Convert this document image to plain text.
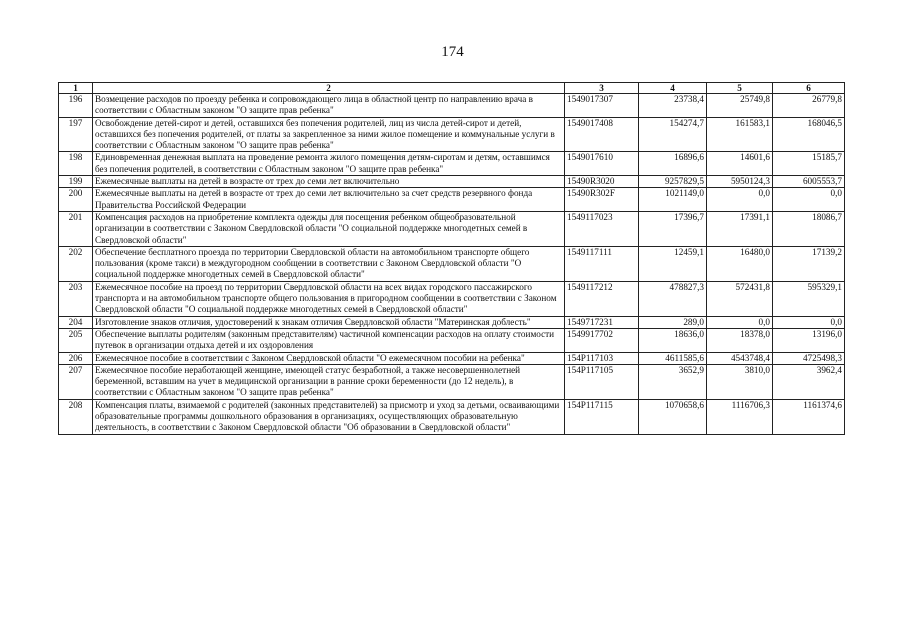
174
1	2	3	4	5	6
196	Возмещение расходов по проезду ребенка и сопровождающего лица в областной центр по направлению врача в соответствии с Областным законом "О защите прав ребенка"	1549017307	23738,4	25749,8	26779,8
197	Освобождение детей-сирот и детей, оставшихся без попечения родителей, лиц из числа детей-сирот и детей, оставшихся без попечения родителей, от платы за закрепленное за ними жилое помещение и коммунальные услуги в соответствии с Областным законом "О защите прав ребенка"	1549017408	154274,7	161583,1	168046,5
198	Единовременная денежная выплата на проведение ремонта жилого помещения детям-сиротам и детям, оставшимся без попечения родителей, в соответствии с Областным законом "О защите прав ребенка"	1549017610	16896,6	14601,6	15185,7
199	Ежемесячные выплаты на детей в возрасте от трех до семи лет включительно	15490R3020	9257829,5	5950124,3	6005553,7
200	Ежемесячные выплаты на детей в возрасте от трех до семи лет включительно за счет средств резервного фонда Правительства Российской Федерации	15490R302F	1021149,0	0,0	0,0
201	Компенсация расходов на приобретение комплекта одежды для посещения ребенком общеобразовательной организации в соответствии с Законом Свердловской области "О социальной поддержке многодетных семей в Свердловской области"	1549117023	17396,7	17391,1	18086,7
202	Обеспечение бесплатного проезда по территории Свердловской области на автомобильном транспорте общего пользования (кроме такси) в междугородном сообщении в соответствии с Законом Свердловской области "О социальной поддержке многодетных семей в Свердловской области"	1549117111	12459,1	16480,0	17139,2
203	Ежемесячное пособие на проезд по территории Свердловской области на всех видах городского пассажирского транспорта и на автомобильном транспорте общего пользования в пригородном сообщении в соответствии с Законом Свердловской области "О социальной поддержке многодетных семей в Свердловской области"	1549117212	478827,3	572431,8	595329,1
204	Изготовление знаков отличия, удостоверений к знакам отличия Свердловской области "Материнская доблесть"	1549717231	289,0	0,0	0,0
205	Обеспечение выплаты родителям (законным представителям) частичной компенсации расходов на оплату стоимости путевок в организации отдыха детей и их оздоровления	1549917702	18636,0	18378,0	13196,0
206	Ежемесячное пособие в соответствии с Законом Свердловской области "О ежемесячном пособии на ребенка"	154P117103	4611585,6	4543748,4	4725498,3
207	Ежемесячное пособие неработающей женщине, имеющей статус безработной, а также несовершеннолетней беременной, вставшим на учет в медицинской организации в ранние сроки беременности (до 12 недель), в соответствии с Областным законом "О защите прав ребенка"	154P117105	3652,9	3810,0	3962,4
208	Компенсация платы, взимаемой с родителей (законных представителей) за присмотр и уход за детьми, осваивающими образовательные программы дошкольного образования в организациях, осуществляющих образовательную деятельность, в соответствии с Законом Свердловской области "Об образовании в Свердловской области"	154P117115	1070658,6	1116706,3	1161374,6
